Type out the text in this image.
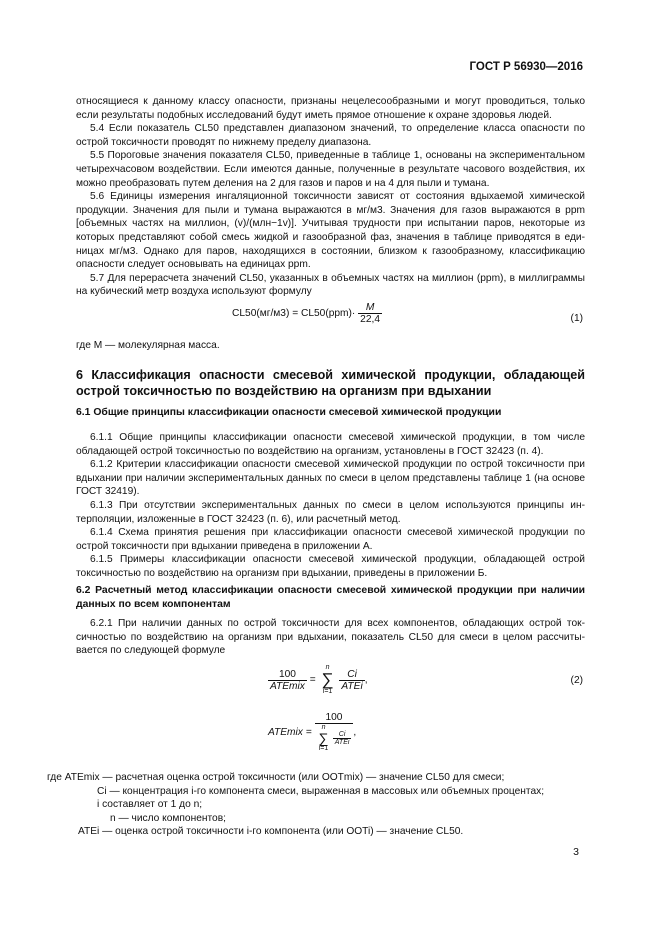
ГОСТ Р 56930—2016

относящиеся к данному классу опасности, признаны нецелесообразными и могут проводиться, только если результаты подобных исследований будут иметь прямое отношение к охране здоровья людей.

5.4 Если показатель CL50 представлен диапазоном значений, то определение класса опасности по острой токсичности проводят по нижнему пределу диапазона.

5.5 Пороговые значения показателя CL50, приведенные в таблице 1, основаны на экспериментальном четырехчасовом воздействии. Если имеются данные, полученные в результате часового воздействия, их можно преобразовать путем деления на 2 для газов и паров и на 4 для пыли и тумана.

5.6 Единицы измерения ингаляционной токсичности зависят от состояния вдыхаемой химической продукции. Значения для пыли и тумана выражаются в мг/м3. Значения для газов выражаются в ppm [объемных частях на миллион, (v)/(млн−1v)]. Учитывая трудности при испытании паров, некоторые из которых представляют собой смесь жидкой и газообразной фаз, значения в таблице приводятся в единицах мг/м3. Однако для паров, находящихся в состоянии, близком к газообразному, классификацию опасности следует основывать на единицах ppm.

5.7 Для перерасчета значений CL50, указанных в объемных частях на миллион (ppm), в миллиграммы на кубический метр воздуха используют формулу

$CL50(мг/м3) = CL50(ppm)\cdot \frac{M}{22,4}$	(1)

где M — молекулярная масса.

6 Классификация опасности смесевой химической продукции, обладающей острой токсичностью по воздействию на организм при вдыхании

6.1 Общие принципы классификации опасности смесевой химической продукции

6.1.1 Общие принципы классификации опасности смесевой химической продукции, в том числе обладающей острой токсичностью по воздействию на организм, установлены в ГОСТ 32423 (п. 4).

6.1.2 Критерии классификации опасности смесевой химической продукции по острой токсичности при вдыхании при наличии экспериментальных данных по смеси в целом представлены таблице 1 (на основе ГОСТ 32419).

6.1.3 При отсутствии экспериментальных данных по смеси в целом используются принципы интерполяции, изложенные в ГОСТ 32423 (п. 6), или расчетный метод.

6.1.4 Схема принятия решения при классификации опасности смесевой химической продукции по острой токсичности при вдыхании приведена в приложении А.

6.1.5 Примеры классификации опасности смесевой химической продукции, обладающей острой токсичностью по воздействию на организм при вдыхании, приведены в приложении Б.

6.2 Расчетный метод классификации опасности смесевой химической продукции при наличии данных по всем компонентам

6.2.1 При наличии данных по острой токсичности для всех компонентов, обладающих острой токсичностью по воздействию на организм при вдыхании, показатель CL50 для смеси в целом рассчитывается по следующей формуле

$\frac{100}{\text{ATEmix}}$ =
n
∑
i=1
$\frac{Ci}{\text{ATEi}}$ ,	(2)
ATEmix =
100
n
∑
i=1

$\frac{Ci}{\text{ATEi}}$ ,
где ATEmix — расчетная оценка острой токсичности (или OOTmix) — значение CL50 для смеси;
Ci — концентрация i-го компонента смеси, выраженная в массовых или объемных процентах;
i составляет от 1 до n;
n — число компонентов;
ATEi — оценка острой токсичности i-го компонента (или OOTi) — значение CL50.
3
